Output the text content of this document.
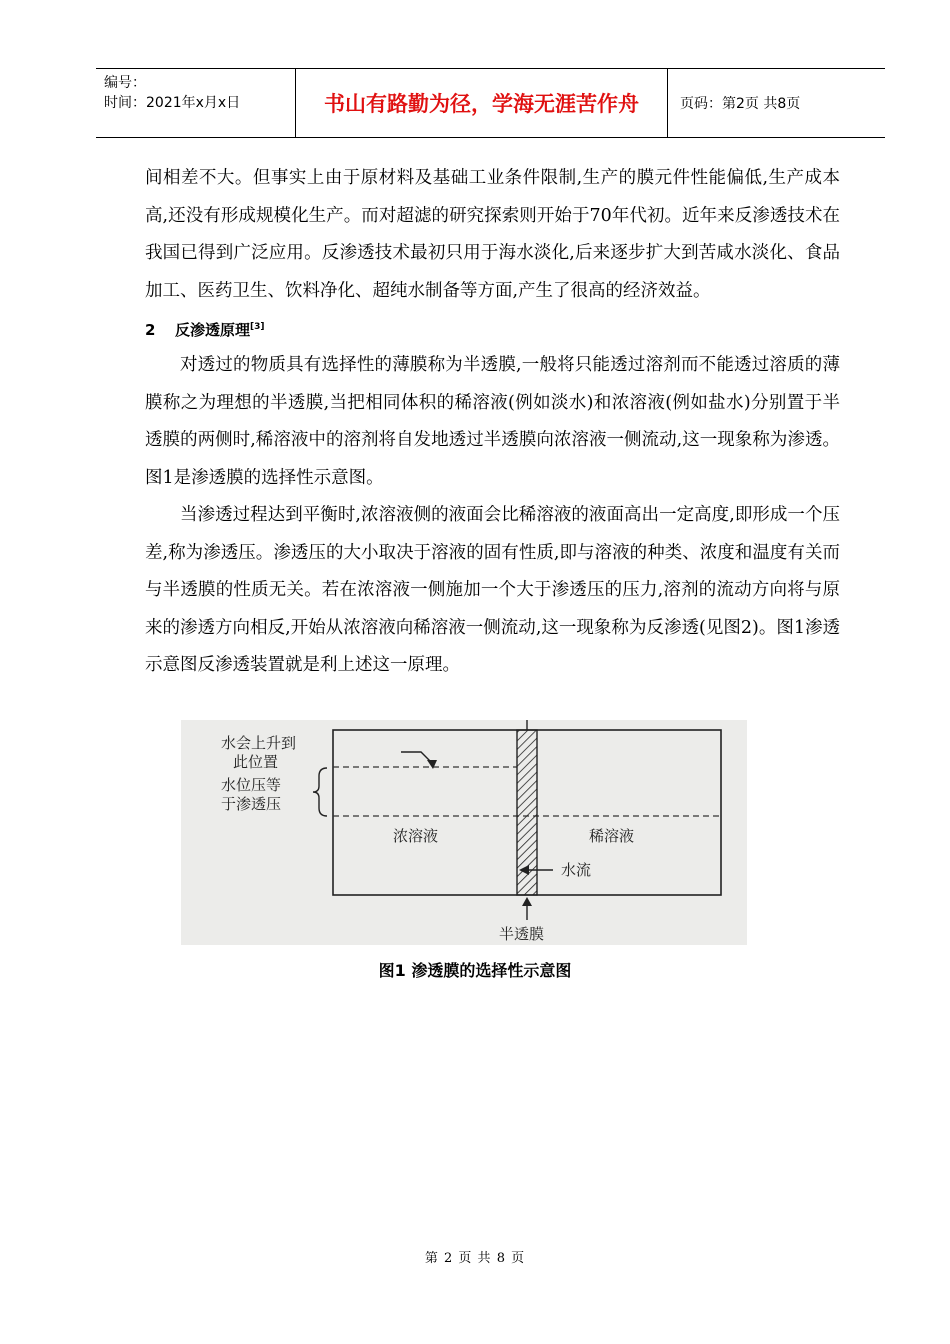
编号：
时间：2021年x月x日	书山有路勤为径，学海无涯苦作舟	页码：第2页 共8页

间相差不大。但事实上由于原材料及基础工业条件限制,生产的膜元件性能偏低,生产成本高,还没有形成规模化生产。而对超滤的研究探索则开始于70年代初。近年来反渗透技术在我国已得到广泛应用。反渗透技术最初只用于海水淡化,后来逐步扩大到苦咸水淡化、食品加工、医药卫生、饮料净化、超纯水制备等方面,产生了很高的经济效益。

2 反渗透原理[3]

对透过的物质具有选择性的薄膜称为半透膜,一般将只能透过溶剂而不能透过溶质的薄膜称之为理想的半透膜,当把相同体积的稀溶液(例如淡水)和浓溶液(例如盐水)分别置于半透膜的两侧时,稀溶液中的溶剂将自发地透过半透膜向浓溶液一侧流动,这一现象称为渗透。图1是渗透膜的选择性示意图。

当渗透过程达到平衡时,浓溶液侧的液面会比稀溶液的液面高出一定高度,即形成一个压差,称为渗透压。渗透压的大小取决于溶液的固有性质,即与溶液的种类、浓度和温度有关而与半透膜的性质无关。若在浓溶液一侧施加一个大于渗透压的压力,溶剂的流动方向将与原来的渗透方向相反,开始从浓溶液向稀溶液一侧流动,这一现象称为反渗透(见图2)。图1渗透示意图反渗透装置就是利上述这一原理。

水会上升到
此位置
水位压等
于渗透压
浓溶液	稀溶液
水流
半透膜
图1 渗透膜的选择性示意图
第 2 页 共 8 页
